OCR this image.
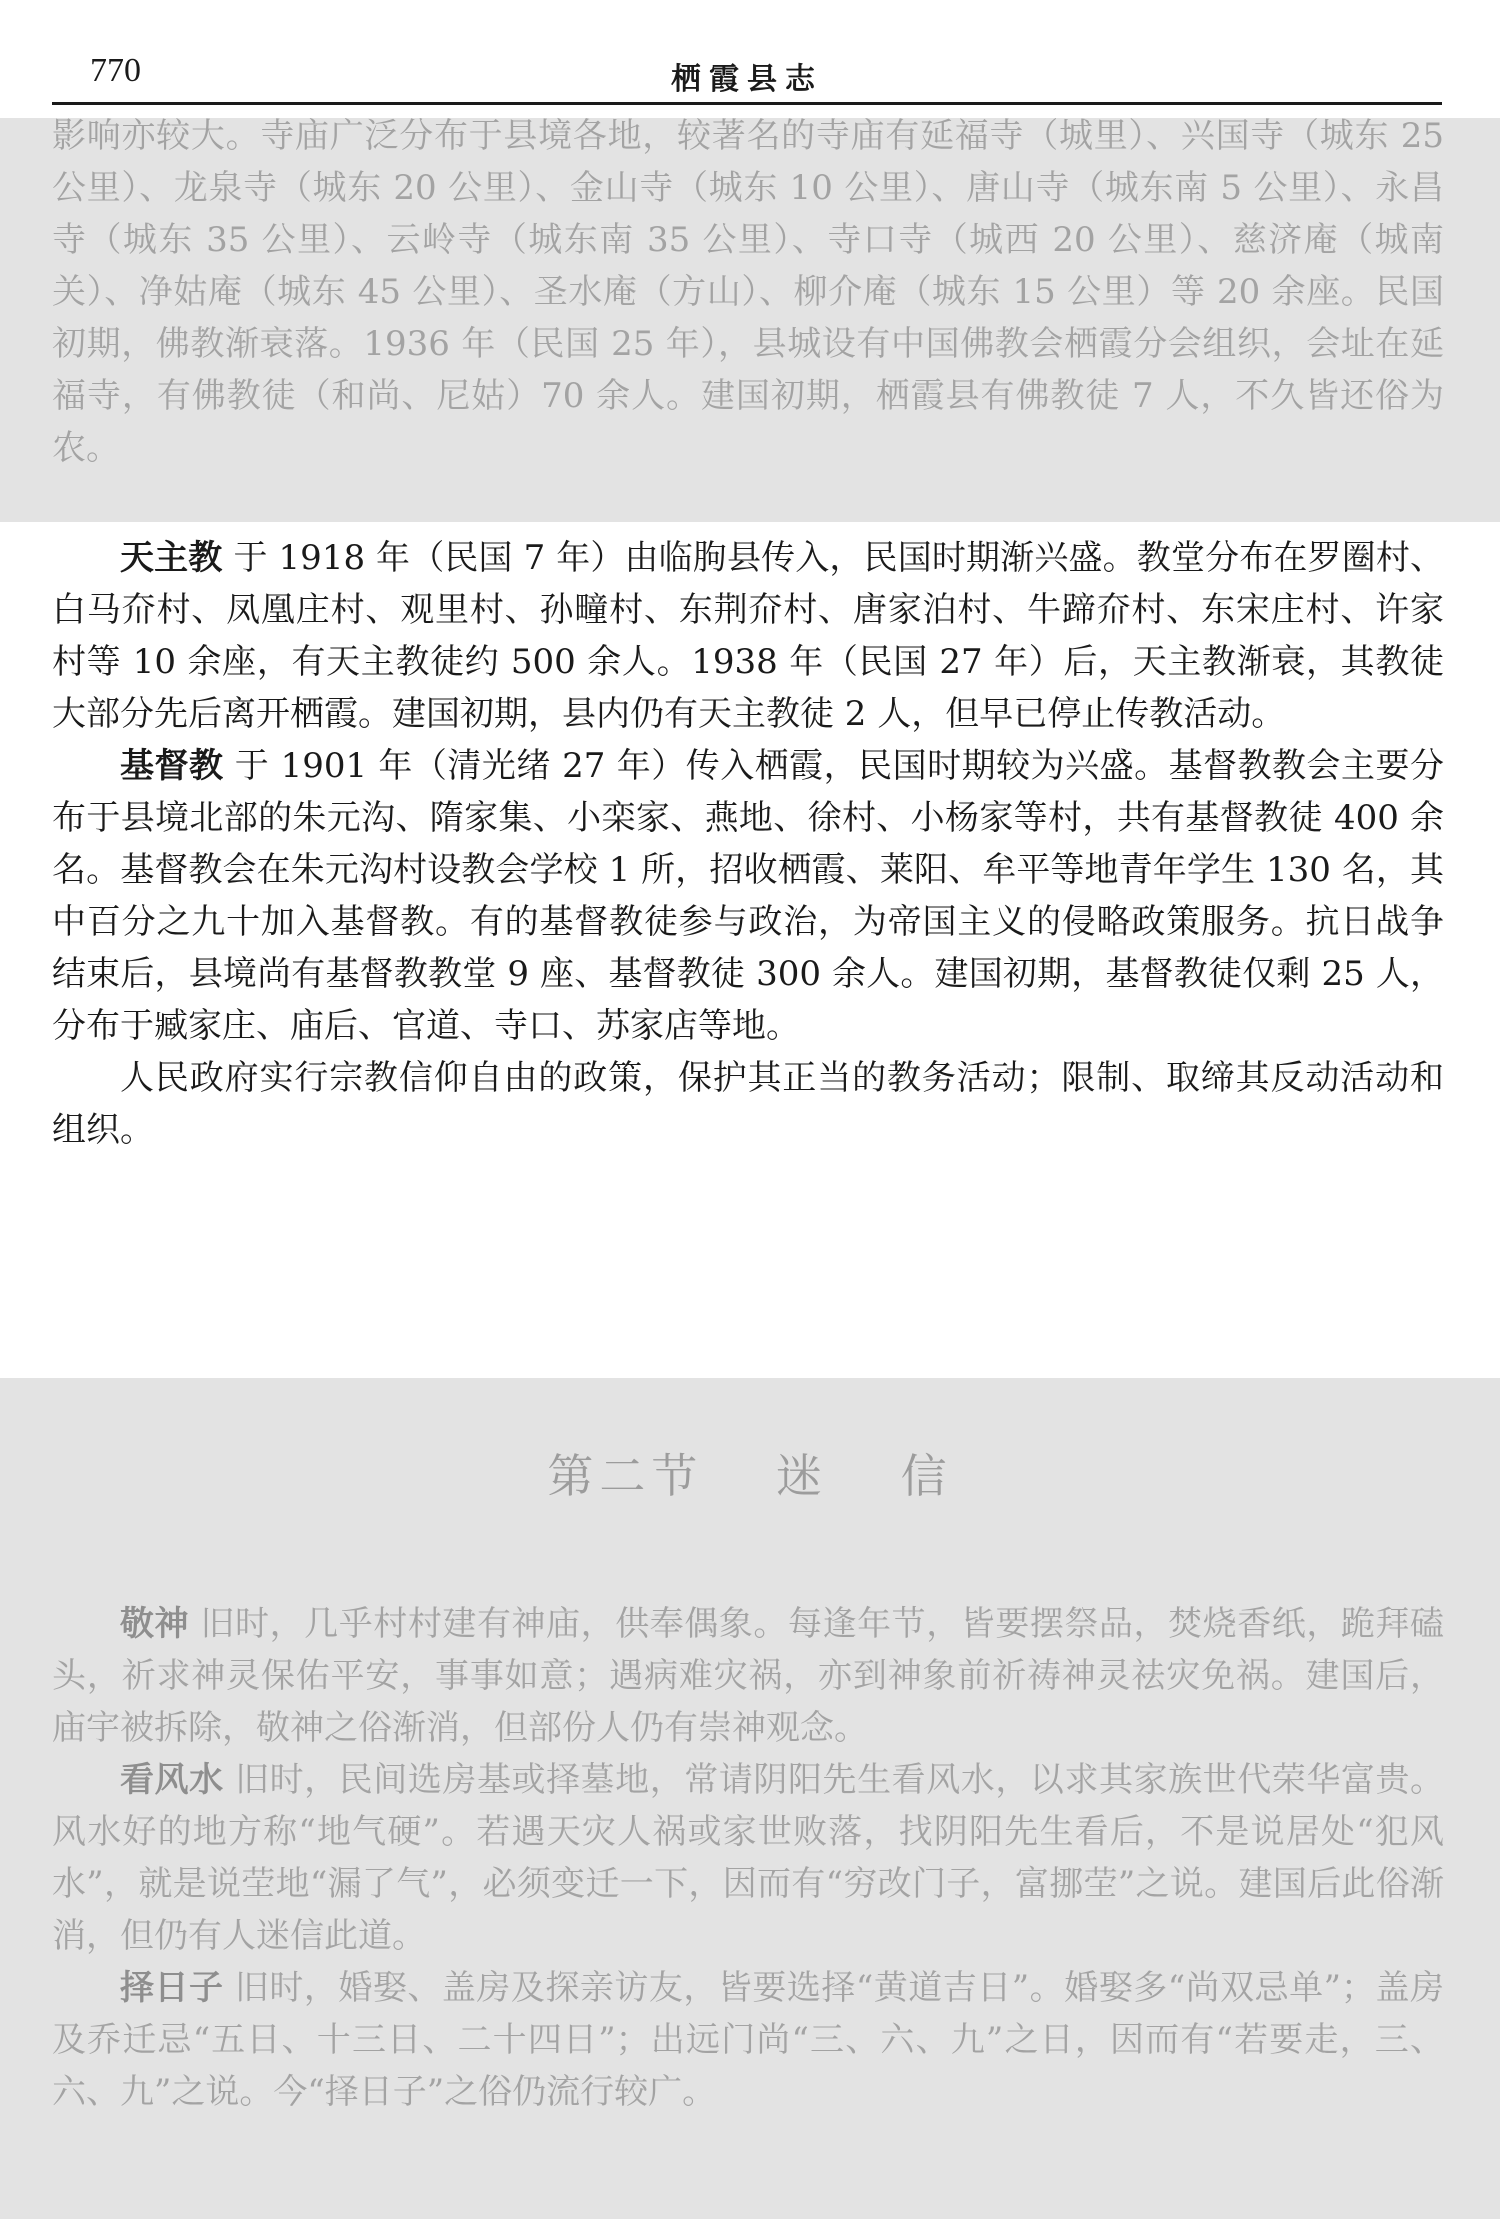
770	栖霞县志

影响亦较大。寺庙广泛分布于县境各地，较著名的寺庙有延福寺（城里）、兴国寺（城东 25 公里）、龙泉寺（城东 20 公里）、金山寺（城东 10 公里）、唐山寺（城东南 5 公里）、永昌寺（城东 35 公里）、云岭寺（城东南 35 公里）、寺口寺（城西 20 公里）、慈济庵（城南关）、净姑庵（城东 45 公里）、圣水庵（方山）、柳介庵（城东 15 公里）等 20 余座。民国初期，佛教渐衰落。1936 年（民国 25 年），县城设有中国佛教会栖霞分会组织，会址在延福寺，有佛教徒（和尚、尼姑）70 余人。建国初期，栖霞县有佛教徒 7 人，不久皆还俗为农。

天主教 于 1918 年（民国 7 年）由临朐县传入，民国时期渐兴盛。教堂分布在罗圈村、白马夼村、凤凰庄村、观里村、孙疃村、东荆夼村、唐家泊村、牛蹄夼村、东宋庄村、许家村等 10 余座，有天主教徒约 500 余人。1938 年（民国 27 年）后，天主教渐衰，其教徒大部分先后离开栖霞。建国初期，县内仍有天主教徒 2 人，但早已停止传教活动。

基督教 于 1901 年（清光绪 27 年）传入栖霞，民国时期较为兴盛。基督教教会主要分布于县境北部的朱元沟、隋家集、小栾家、燕地、徐村、小杨家等村，共有基督教徒 400 余名。基督教会在朱元沟村设教会学校 1 所，招收栖霞、莱阳、牟平等地青年学生 130 名，其中百分之九十加入基督教。有的基督教徒参与政治，为帝国主义的侵略政策服务。抗日战争结束后，县境尚有基督教教堂 9 座、基督教徒 300 余人。建国初期，基督教徒仅剩 25 人，分布于臧家庄、庙后、官道、寺口、苏家店等地。

人民政府实行宗教信仰自由的政策，保护其正当的教务活动；限制、取缔其反动活动和组织。

第二节 迷 信

敬神 旧时，几乎村村建有神庙，供奉偶象。每逢年节，皆要摆祭品，焚烧香纸，跪拜磕头，祈求神灵保佑平安，事事如意；遇病难灾祸，亦到神象前祈祷神灵祛灾免祸。建国后，庙宇被拆除，敬神之俗渐消，但部份人仍有崇神观念。

看风水 旧时，民间选房基或择墓地，常请阴阳先生看风水，以求其家族世代荣华富贵。风水好的地方称“地气硬”。若遇天灾人祸或家世败落，找阴阳先生看后，不是说居处“犯风水”，就是说茔地“漏了气”，必须变迁一下，因而有“穷改门子，富挪茔”之说。建国后此俗渐消，但仍有人迷信此道。

择日子 旧时，婚娶、盖房及探亲访友，皆要选择“黄道吉日”。婚娶多“尚双忌单”；盖房及乔迁忌“五日、十三日、二十四日”；出远门尚“三、六、九”之日，因而有“若要走，三、六、九”之说。今“择日子”之俗仍流行较广。
